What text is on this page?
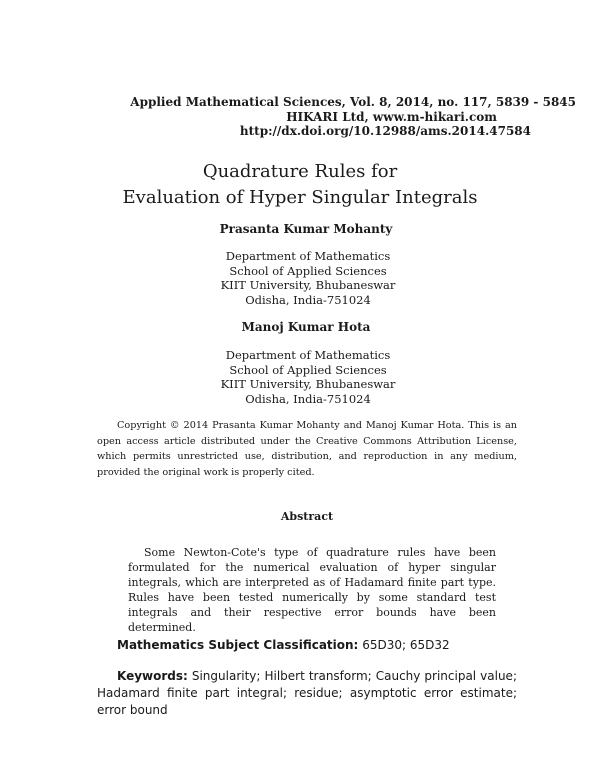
Applied Mathematical Sciences, Vol. 8, 2014, no. 117, 5839 - 5845
HIKARI Ltd, www.m-hikari.com
http://dx.doi.org/10.12988/ams.2014.47584
Quadrature Rules for
Evaluation of Hyper Singular Integrals
Prasanta Kumar Mohanty
Department of Mathematics
School of Applied Sciences
KIIT University, Bhubaneswar
Odisha, India-751024
Manoj Kumar Hota
Department of Mathematics
School of Applied Sciences
KIIT University, Bhubaneswar
Odisha, India-751024
Copyright © 2014 Prasanta Kumar Mohanty and Manoj Kumar Hota. This is an open access article distributed under the Creative Commons Attribution License, which permits unrestricted use, distribution, and reproduction in any medium, provided the original work is properly cited.
Abstract
Some Newton-Cote's type of quadrature rules have been formulated for the numerical evaluation of hyper singular integrals, which are interpreted as of Hadamard finite part type. Rules have been tested numerically by some standard test integrals and their respective error bounds have been determined.
Mathematics Subject Classification: 65D30; 65D32
Keywords: Singularity; Hilbert transform; Cauchy principal value; Hadamard finite part integral; residue; asymptotic error estimate; error bound
